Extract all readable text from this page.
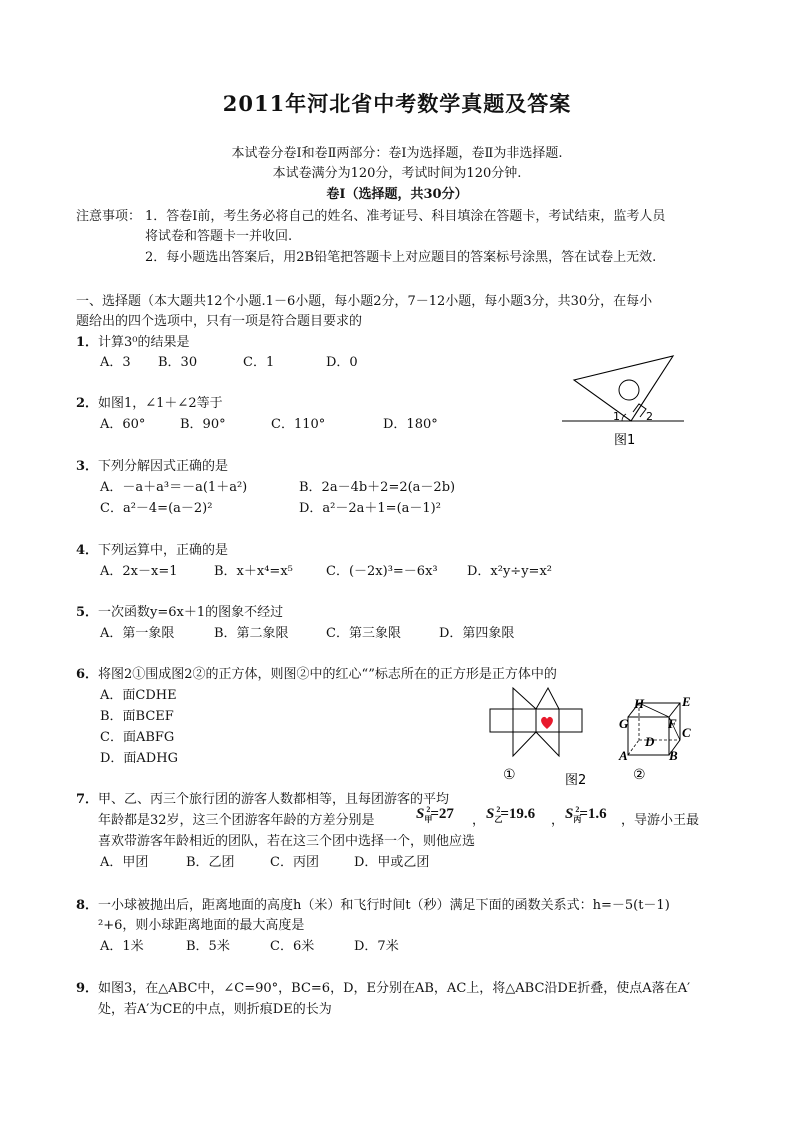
2011年河北省中考数学真题及答案
本试卷分卷Ⅰ和卷Ⅱ两部分：卷Ⅰ为选择题，卷Ⅱ为非选择题.
本试卷满分为120分，考试时间为120分钟.
卷Ⅰ（选择题，共30分）
注意事项： 1．答卷Ⅰ前，考生务必将自己的姓名、准考证号、科目填涂在答题卡，考试结束，监考人员
将试卷和答题卡一并收回.
2．每小题选出答案后，用2B铅笔把答题卡上对应题目的答案标号涂黑，答在试卷上无效.
一、选择题（本大题共12个小题.1－6小题，每小题2分，7－12小题，每小题3分，共30分，在每小
题给出的四个选项中，只有一项是符合题目要求的
1． 计算3⁰的结果是
A．3 B．30	C．1	D．0
2． 如图1，∠1＋∠2等于
A．60°	B．90°	C．110°	D．180°
1 2
图1
3． 下列分解因式正确的是
A．－a＋a³＝－a(1＋a²)	B．2a－4b＋2=2(a－2b)
C．a²－4=(a－2)²	D．a²－2a＋1=(a－1)²
4． 下列运算中，正确的是
A．2x－x=1	B．x＋x⁴=x⁵	C．(－2x)³=－6x³ D．x²y÷y=x²
5． 一次函数y=6x＋1的图象不经过
A．第一象限	B．第二象限	C．第三象限	D．第四象限
6． 将图2①围成图2②的正方体，则图②中的红心“”标志所在的正方形是正方体中的
A．面CDHE
B．面BCEF
C．面ABFG
D．面ADHG
①	图2
H	E
G	F
D
C
A	B
②
7． 甲、乙、丙三个旅行团的游客人数都相等，且每团游客的平均
年龄都是32岁，这三个团游客年龄的方差分别是	$S_甲^2=27$ ， $S_乙^2=19.6$ ， $S_丙^2=1.6$ ，导游小王最
喜欢带游客年龄相近的团队，若在这三个团中选择一个，则他应选
A．甲团	B．乙团	C．丙团	D．甲或乙团
8． 一小球被抛出后，距离地面的高度h（米）和飞行时间t（秒）满足下面的函数关系式：h=－5(t－1)
²+6，则小球距离地面的最大高度是
A．1米	B．5米	C．6米	D．7米
9． 如图3，在△ABC中，∠C=90°，BC=6，D，E分别在AB，AC上，将△ABC沿DE折叠，使点A落在A′
处，若A′为CE的中点，则折痕DE的长为
